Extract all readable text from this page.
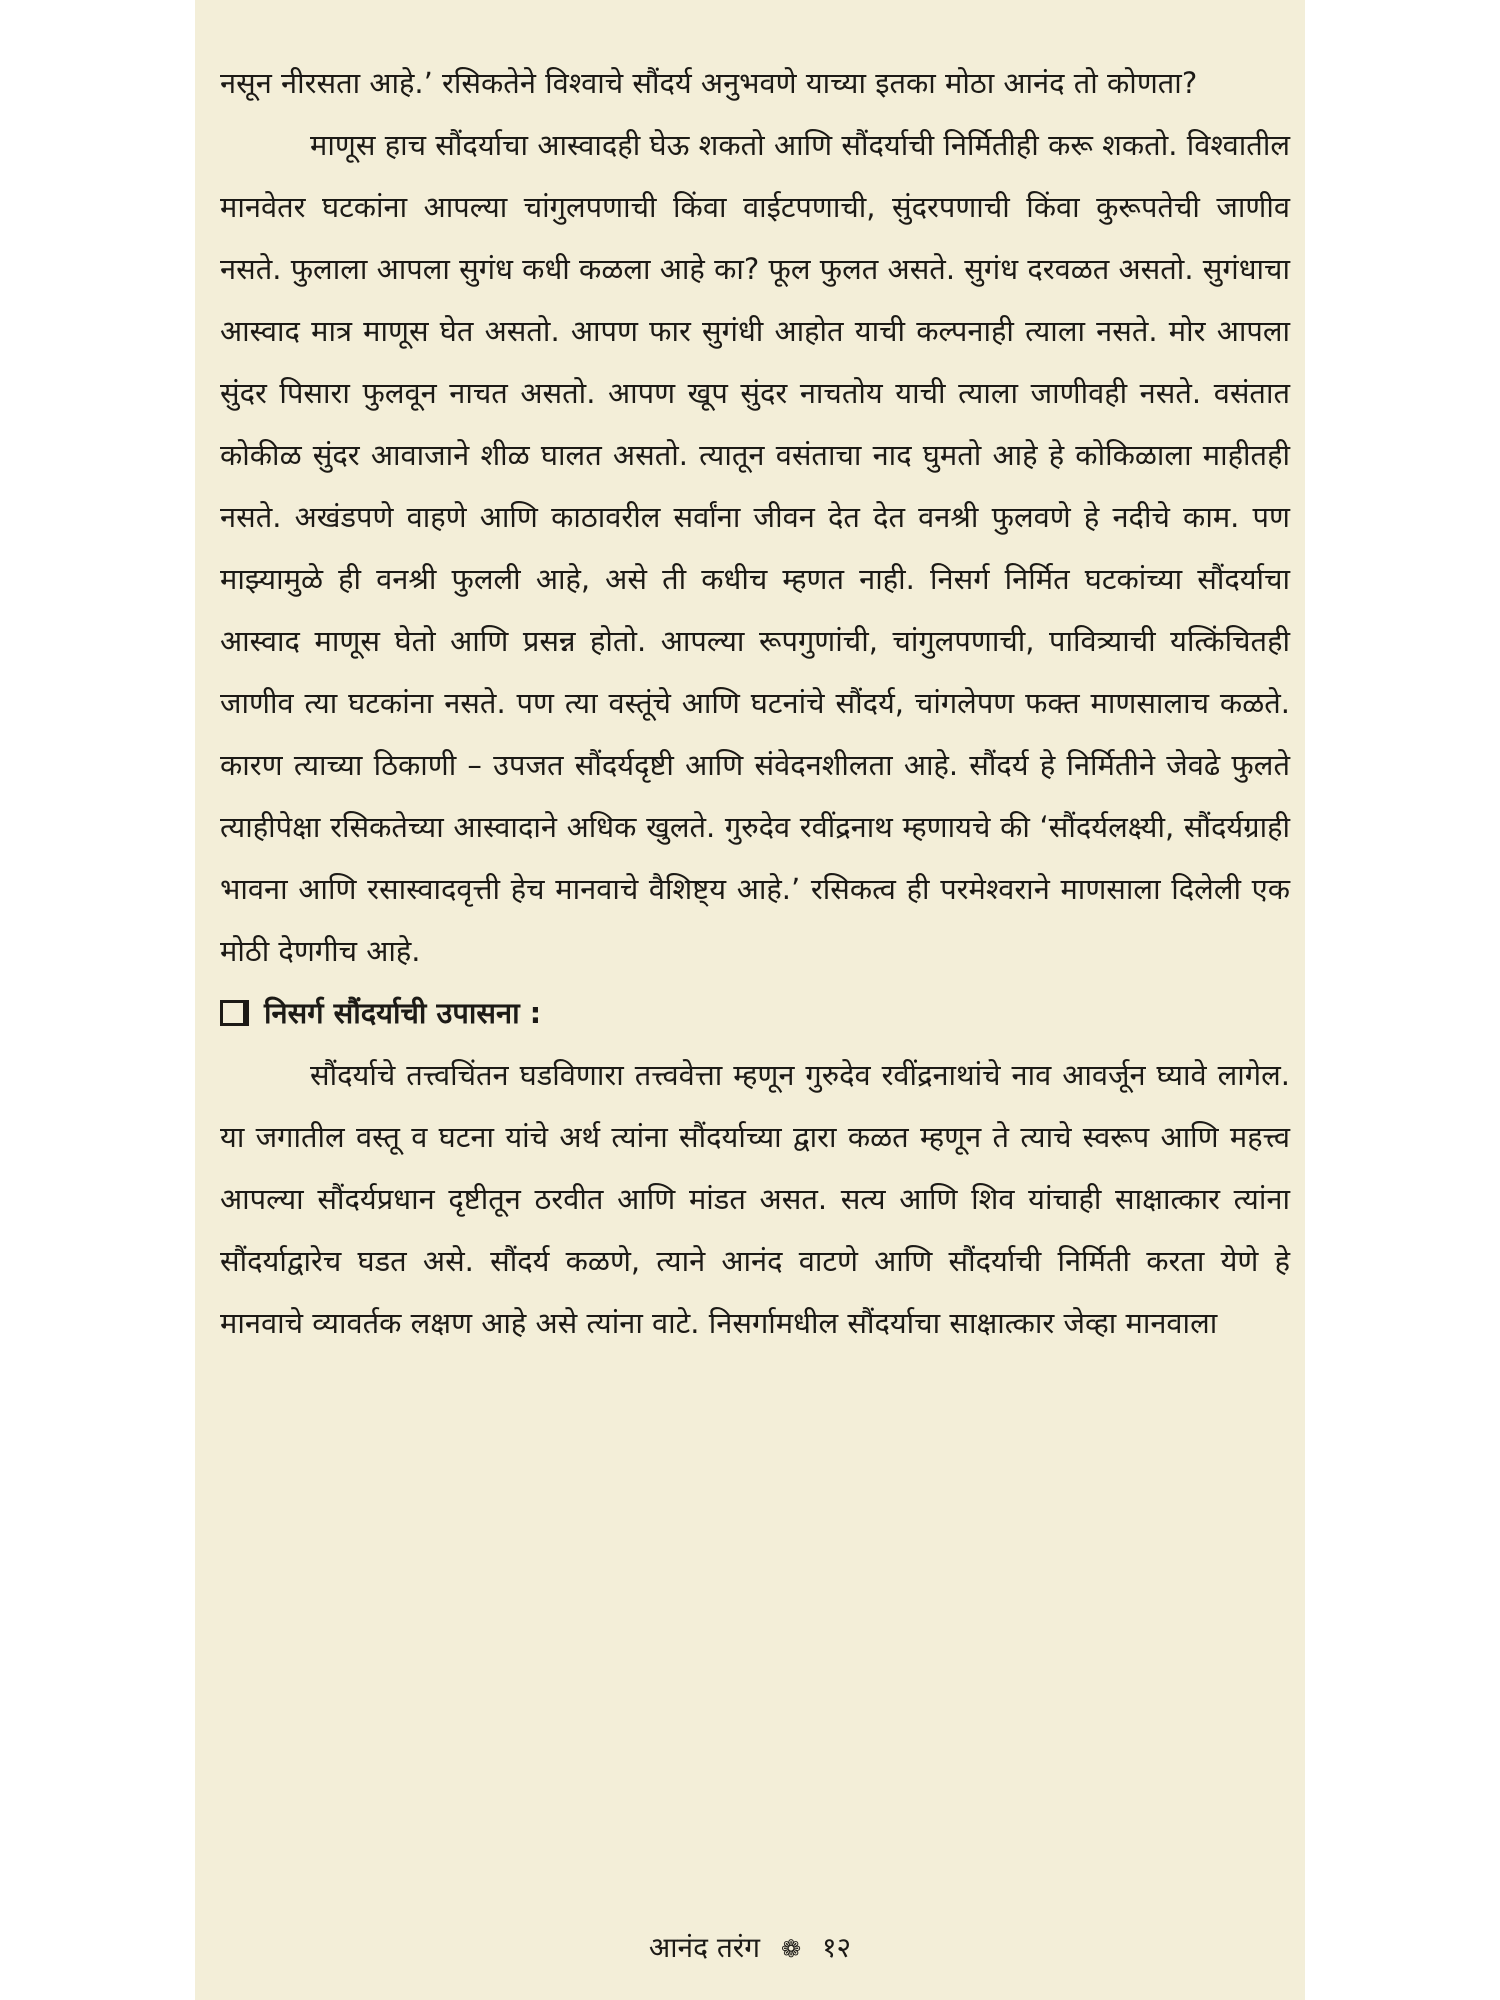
नसून नीरसता आहे.’ रसिकतेने विश्वाचे सौंदर्य अनुभवणे याच्या इतका मोठा आनंद तो कोणता?

माणूस हाच सौंदर्याचा आस्वादही घेऊ शकतो आणि सौंदर्याची निर्मितीही करू शकतो. विश्वातील मानवेतर घटकांना आपल्या चांगुलपणाची किंवा वाईटपणाची, सुंदरपणाची किंवा कुरूपतेची जाणीव नसते. फुलाला आपला सुगंध कधी कळला आहे का? फूल फुलत असते. सुगंध दरवळत असतो. सुगंधाचा आस्वाद मात्र माणूस घेत असतो. आपण फार सुगंधी आहोत याची कल्पनाही त्याला नसते. मोर आपला सुंदर पिसारा फुलवून नाचत असतो. आपण खूप सुंदर नाचतोय याची त्याला जाणीवही नसते. वसंतात कोकीळ सुंदर आवाजाने शीळ घालत असतो. त्यातून वसंताचा नाद घुमतो आहे हे कोकिळाला माहीतही नसते. अखंडपणे वाहणे आणि काठावरील सर्वांना जीवन देत देत वनश्री फुलवणे हे नदीचे काम. पण माझ्यामुळे ही वनश्री फुलली आहे, असे ती कधीच म्हणत नाही. निसर्ग निर्मित घटकांच्या सौंदर्याचा आस्वाद माणूस घेतो आणि प्रसन्न होतो. आपल्या रूपगुणांची, चांगुलपणाची, पावित्र्याची यत्किंचितही जाणीव त्या घटकांना नसते. पण त्या वस्तूंचे आणि घटनांचे सौंदर्य, चांगलेपण फक्त माणसालाच कळते. कारण त्याच्या ठिकाणी – उपजत सौंदर्यदृष्टी आणि संवेदनशीलता आहे. सौंदर्य हे निर्मितीने जेवढे फुलते त्याहीपेक्षा रसिकतेच्या आस्वादाने अधिक खुलते. गुरुदेव रवींद्रनाथ म्हणायचे की ‘सौंदर्यलक्ष्यी, सौंदर्यग्राही भावना आणि रसास्वादवृत्ती हेच मानवाचे वैशिष्ट्य आहे.’ रसिकत्व ही परमेश्वराने माणसाला दिलेली एक मोठी देणगीच आहे.

निसर्ग सौंदर्याची उपासना :

सौंदर्याचे तत्त्वचिंतन घडविणारा तत्त्ववेत्ता म्हणून गुरुदेव रवींद्रनाथांचे नाव आवर्जून घ्यावे लागेल. या जगातील वस्तू व घटना यांचे अर्थ त्यांना सौंदर्याच्या द्वारा कळत म्हणून ते त्याचे स्वरूप आणि महत्त्व आपल्या सौंदर्यप्रधान दृष्टीतून ठरवीत आणि मांडत असत. सत्य आणि शिव यांचाही साक्षात्कार त्यांना सौंदर्याद्वारेच घडत असे. सौंदर्य कळणे, त्याने आनंद वाटणे आणि सौंदर्याची निर्मिती करता येणे हे मानवाचे व्यावर्तक लक्षण आहे असे त्यांना वाटे. निसर्गामधील सौंदर्याचा साक्षात्कार जेव्हा मानवाला

आनंद तरंग ❁ १२
